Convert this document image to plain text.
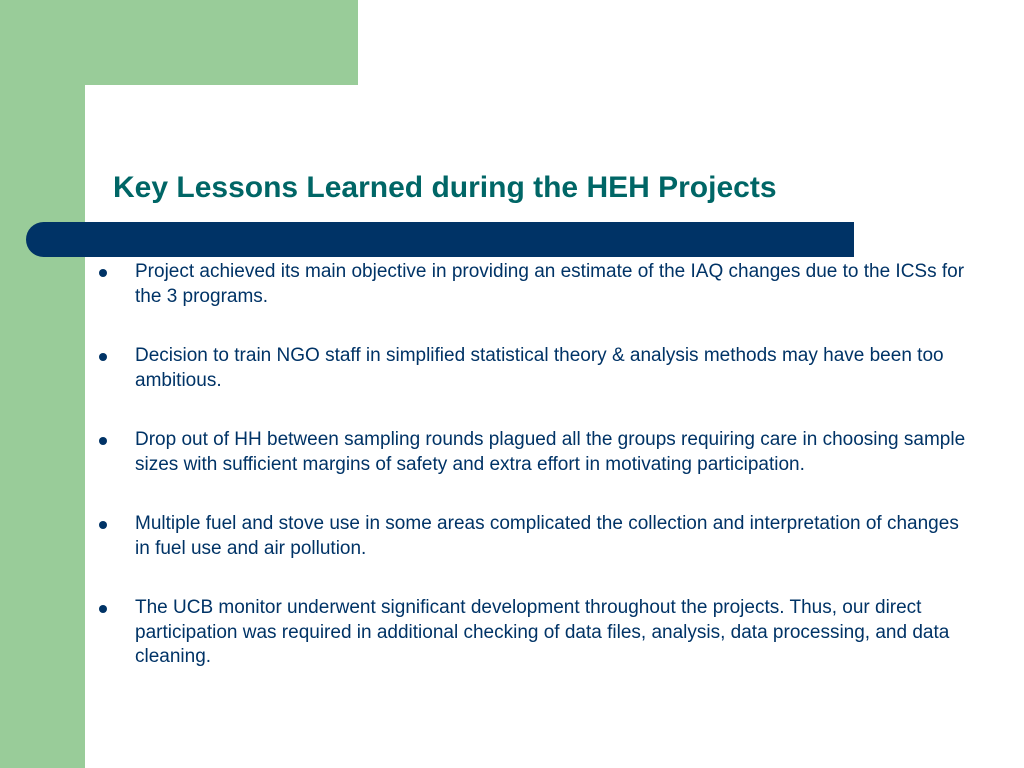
Key Lessons Learned during the HEH Projects
Project achieved its main objective in providing an estimate of the IAQ changes due to the ICSs for the 3 programs.
Decision to train NGO staff in simplified statistical theory & analysis methods may have been too ambitious.
Drop out of HH between sampling rounds plagued all the groups requiring care in choosing sample sizes with sufficient margins of safety and extra effort in motivating participation.
Multiple fuel and stove use in some areas complicated the collection and interpretation of changes in fuel use and air pollution.
The UCB monitor underwent significant development throughout the projects. Thus, our direct participation was required in additional checking of data files, analysis, data processing, and data cleaning.
